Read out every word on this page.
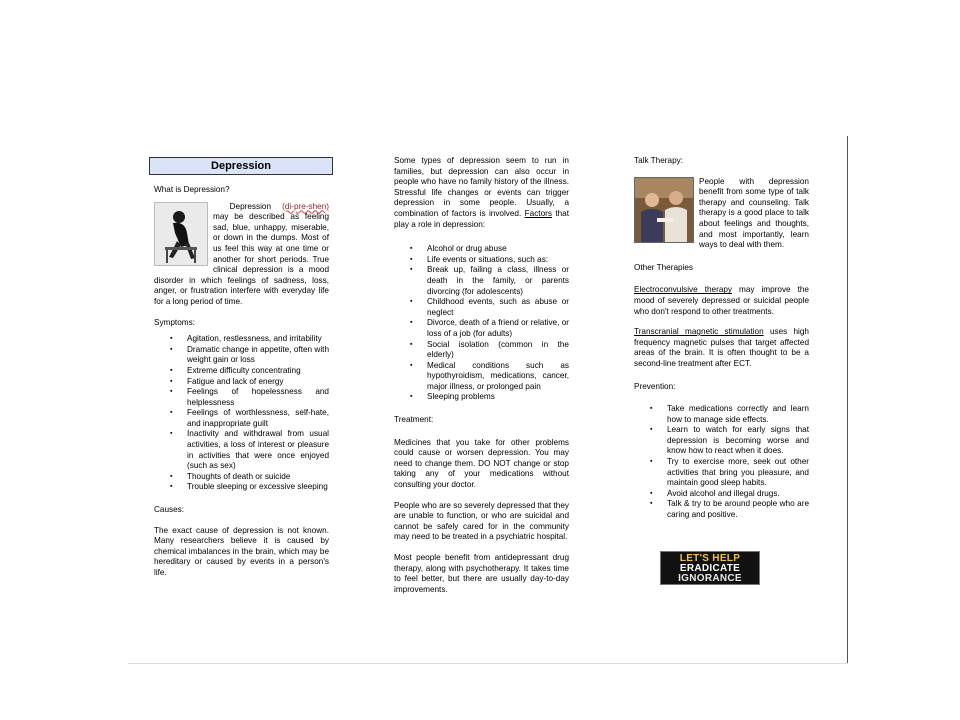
Depression
What is Depression?

Depression (di-pre-shen) may be described as feeling sad, blue, unhappy, miserable, or down in the dumps. Most of us feel this way at one time or another for short periods. True clinical depression is a mood disorder in which feelings of sadness, loss, anger, or frustration interfere with everyday life for a long period of time.

Symptoms:
▪ Agitation, restlessness, and irritability
▪ Dramatic change in appetite, often with weight gain or loss
▪ Extreme difficulty concentrating
▪ Fatigue and lack of energy
▪ Feelings of hopelessness and helplessness
▪ Feelings of worthlessness, self-hate, and inappropriate guilt
▪ Inactivity and withdrawal from usual activities, a loss of interest or pleasure in activities that were once enjoyed (such as sex)
▪ Thoughts of death or suicide
▪ Trouble sleeping or excessive sleeping
Causes:

The exact cause of depression is not known. Many researchers believe it is caused by chemical imbalances in the brain, which may be hereditary or caused by events in a person's life.

Some types of depression seem to run in families, but depression can also occur in people who have no family history of the illness. Stressful life changes or events can trigger depression in some people. Usually, a combination of factors is involved. Factors that play a role in depression:

▪ Alcohol or drug abuse
▪ Life events or situations, such as:
▪ Break up, failing a class, illness or death in the family, or parents divorcing (for adolescents)
▪ Childhood events, such as abuse or neglect
▪ Divorce, death of a friend or relative, or loss of a job (for adults)
▪ Social isolation (common in the elderly)
▪ Medical conditions such as hypothyroidism, medications, cancer, major illness, or prolonged pain
▪ Sleeping problems
Treatment:

Medicines that you take for other problems could cause or worsen depression. You may need to change them. DO NOT change or stop taking any of your medications without consulting your doctor.

People who are so severely depressed that they are unable to function, or who are suicidal and cannot be safely cared for in the community may need to be treated in a psychiatric hospital.

Most people benefit from antidepressant drug therapy, along with psychotherapy. It takes time to feel better, but there are usually day-to-day improvements.

Talk Therapy:

People with depression benefit from some type of talk therapy and counseling. Talk therapy is a good place to talk about feelings and thoughts, and most importantly, learn ways to deal with them.

Other Therapies

Electroconvulsive therapy may improve the mood of severely depressed or suicidal people who don't respond to other treatments.

Transcranial magnetic stimulation uses high frequency magnetic pulses that target affected areas of the brain. It is often thought to be a second-line treatment after ECT.

Prevention:
▪ Take medications correctly and learn how to manage side effects.
▪ Learn to watch for early signs that depression is becoming worse and know how to react when it does.
▪ Try to exercise more, seek out other activities that bring you pleasure, and maintain good sleep habits.
▪ Avoid alcohol and illegal drugs.
▪ Talk & try to be around people who are caring and positive.
LET'S HELP
ERADICATE
IGNORANCE
